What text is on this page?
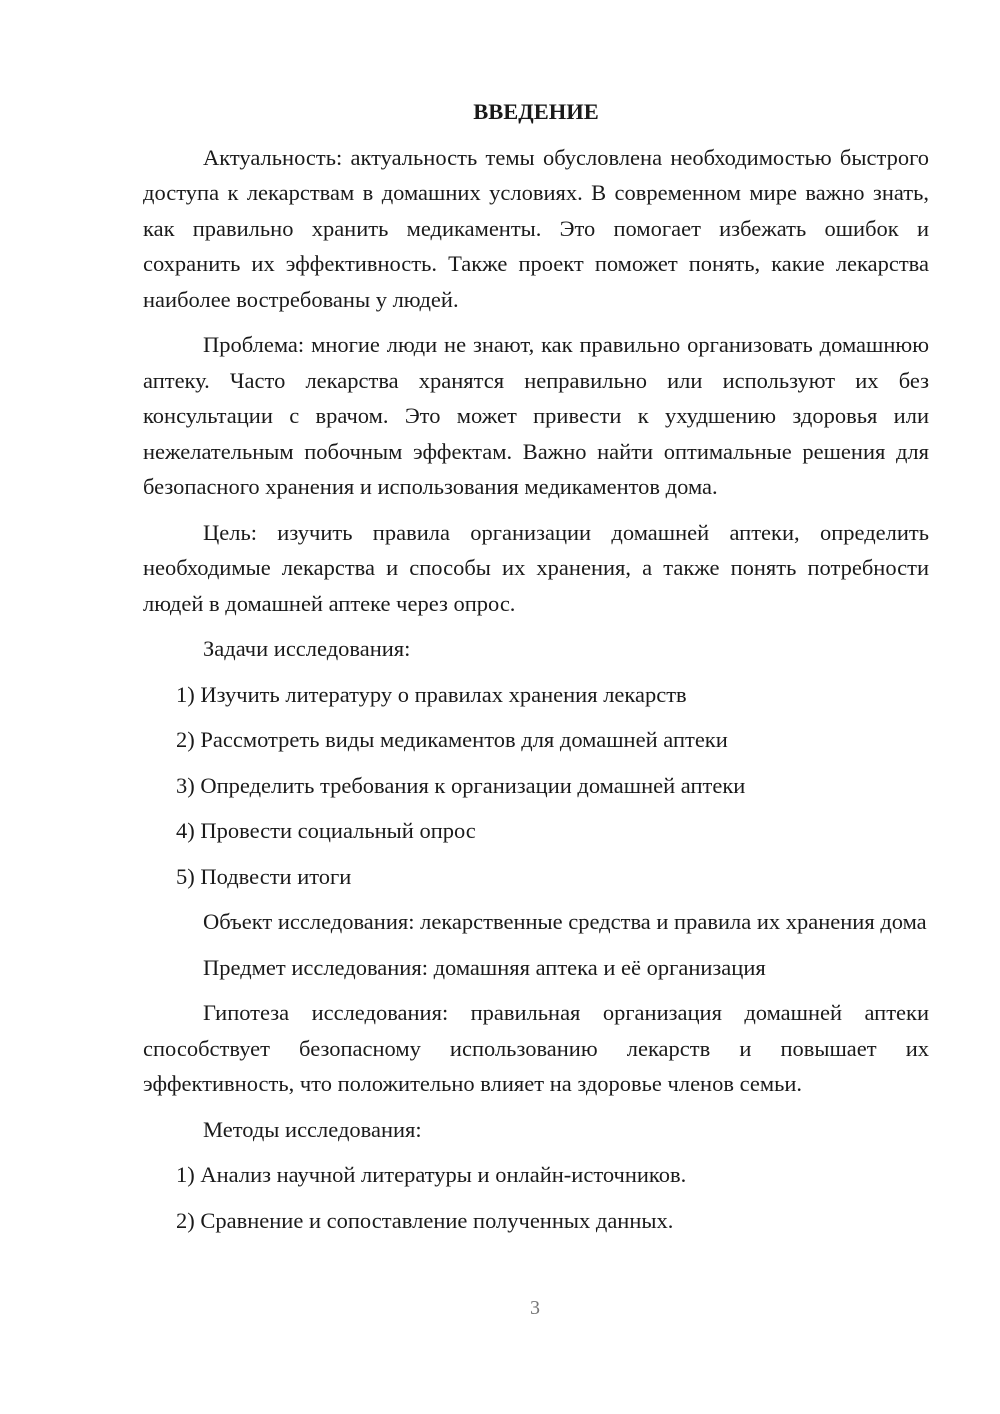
ВВЕДЕНИЕ

Актуальность: актуальность темы обусловлена необходимостью быстрого доступа к лекарствам в домашних условиях. В современном мире важно знать, как правильно хранить медикаменты. Это помогает избежать ошибок и сохранить их эффективность. Также проект поможет понять, какие лекарства наиболее востребованы у людей.

Проблема: многие люди не знают, как правильно организовать домашнюю аптеку. Часто лекарства хранятся неправильно или используют их без консультации с врачом. Это может привести к ухудшению здоровья или нежелательным побочным эффектам. Важно найти оптимальные решения для безопасного хранения и использования медикаментов дома.

Цель: изучить правила организации домашней аптеки, определить необходимые лекарства и способы их хранения, а также понять потребности людей в домашней аптеке через опрос.

Задачи исследования:

1) Изучить литературу о правилах хранения лекарств
2) Рассмотреть виды медикаментов для домашней аптеки
3) Определить требования к организации домашней аптеки
4) Провести социальный опрос
5) Подвести итоги

Объект исследования: лекарственные средства и правила их хранения дома

Предмет исследования: домашняя аптека и её организация

Гипотеза исследования: правильная организация домашней аптеки способствует безопасному использованию лекарств и повышает их эффективность, что положительно влияет на здоровье членов семьи.

Методы исследования:

1) Анализ научной литературы и онлайн-источников.
2) Сравнение и сопоставление полученных данных.
3
